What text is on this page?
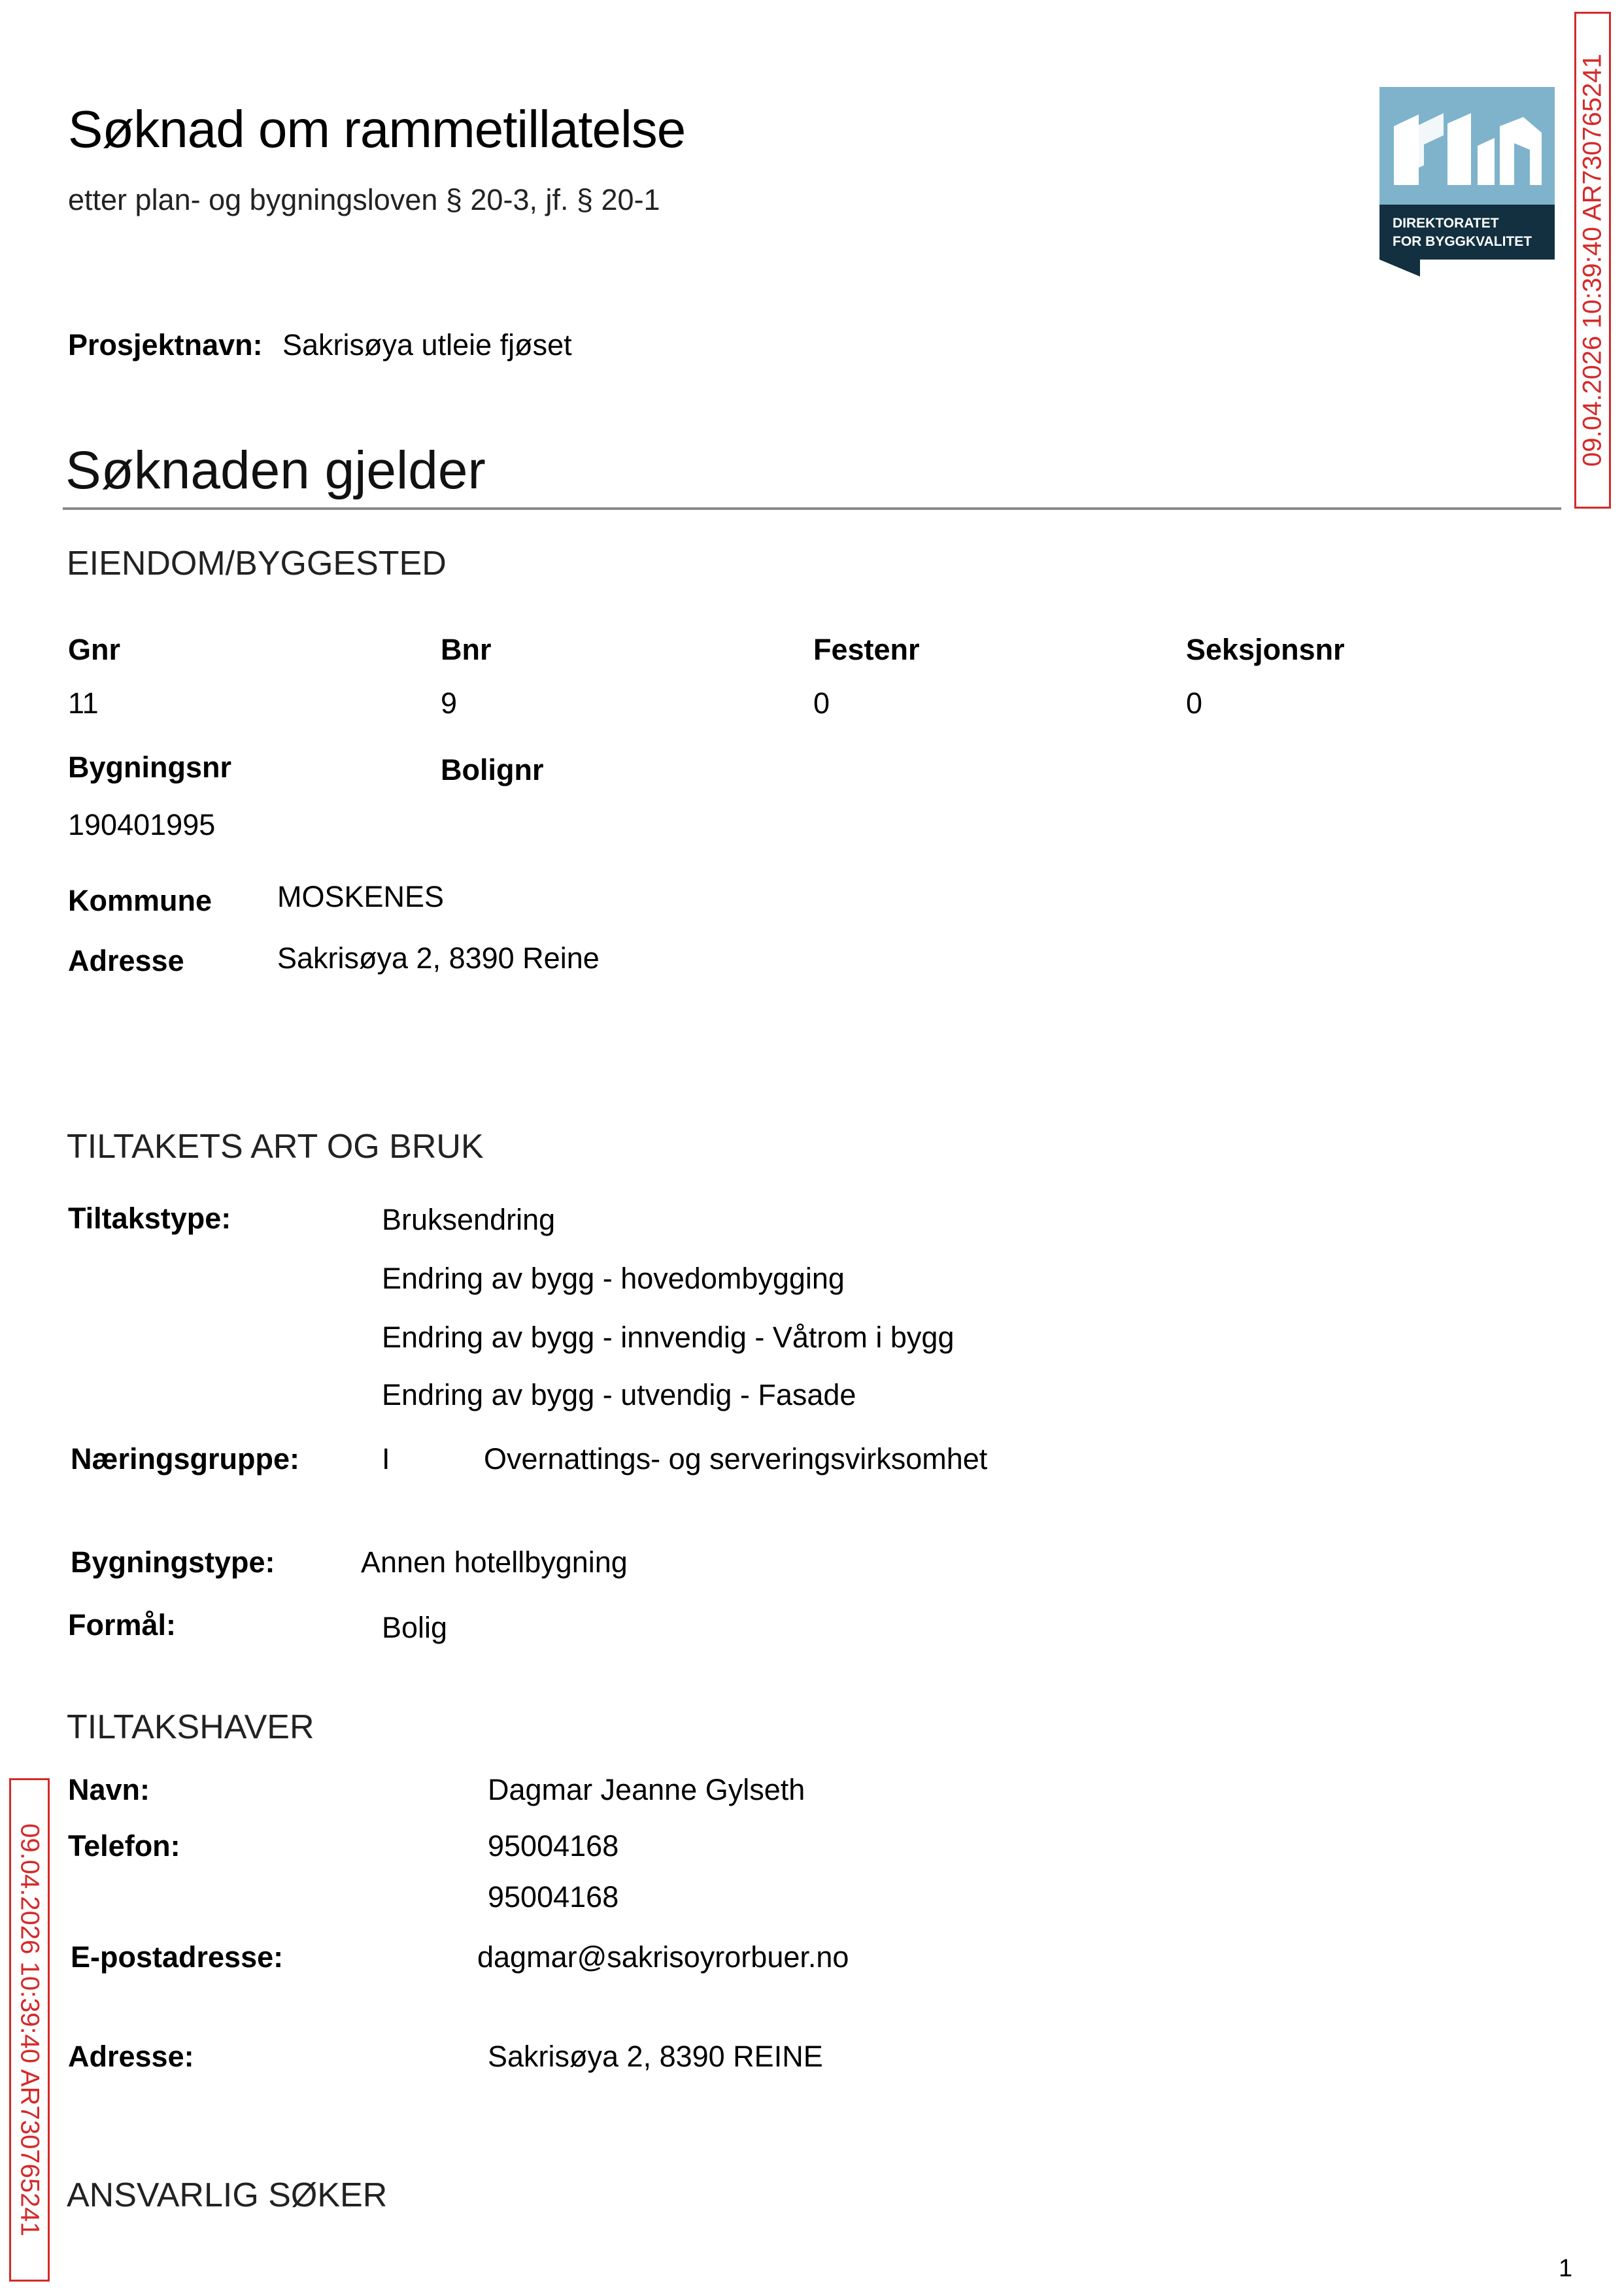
Søknad om rammetillatelse
etter plan- og bygningsloven § 20-3, jf. § 20-1
DIREKTORATET
FOR BYGGKVALITET 09.04.2026 10:39:40 AR730765241
09.04.2026 10:39:40 AR730765241
Prosjektnavn: Sakrisøya utleie fjøset
Søknaden gjelder
EIENDOM/BYGGESTED
Gnr	Bnr	Festenr	Seksjonsnr
11	9	0	0
Bygningsnr	Bolignr
190401995
Kommune MOSKENES
Adresse	Sakrisøya 2, 8390 Reine
TILTAKETS ART OG BRUK
Tiltakstype:	Bruksendring
Endring av bygg - hovedombygging
Endring av bygg - innvendig - Våtrom i bygg
Endring av bygg - utvendig - Fasade
Næringsgruppe:	I	Overnattings- og serveringsvirksomhet
Bygningstype:	Annen hotellbygning
Formål:	Bolig
TILTAKSHAVER
Navn:	Dagmar Jeanne Gylseth
Telefon:	95004168
95004168
E-postadresse:	dagmar@sakrisoyrorbuer.no
Adresse:	Sakrisøya 2, 8390 REINE
ANSVARLIG SØKER
1
